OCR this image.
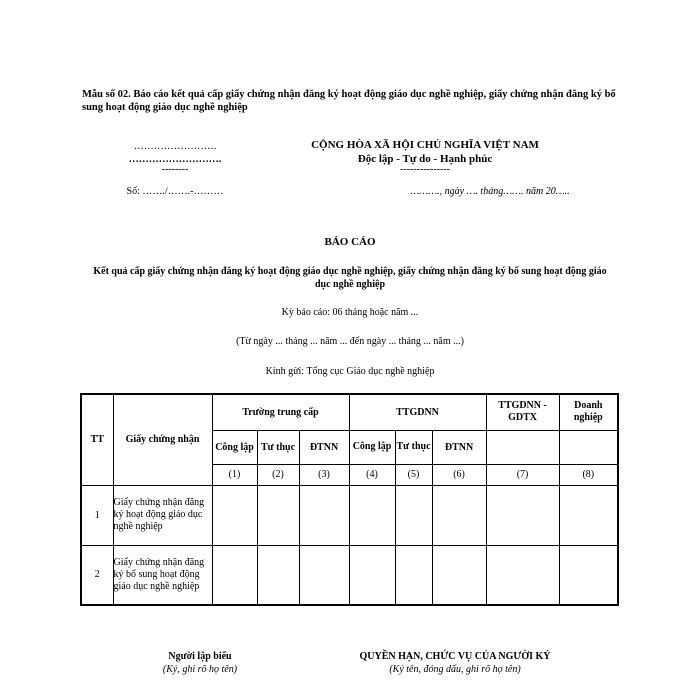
Mẫu số 02. Báo cáo kết quả cấp giấy chứng nhận đăng ký hoạt động giáo dục nghề nghiệp, giấy chứng nhận đăng ký bổ sung hoạt động giáo dục nghề nghiệp
…………………….
……………………….
--------
Số: ……./…….-………
CỘNG HÒA XÃ HỘI CHỦ NGHĨA VIỆT NAM
Độc lập - Tự do - Hạnh phúc
---------------
………., ngày …. tháng……. năm 20…..
BÁO CÁO
Kết quả cấp giấy chứng nhận đăng ký hoạt động giáo dục nghề nghiệp, giấy chứng nhận đăng ký bổ sung hoạt động giáo dục nghề nghiệp
Kỳ báo cáo: 06 tháng hoặc năm ...
(Từ ngày ... tháng ... năm ... đến ngày ... tháng ... năm ...)
Kính gửi: Tổng cục Giáo dục nghề nghiệp
TT	Giấy chứng nhận	Trường trung cấp			TTGDNN			TTGDNN - GDTX	Doanh nghiệp
		Công lập	Tư thục	ĐTNN	Công lập	Tư thục	ĐTNN		
		(1)	(2)	(3)	(4)	(5)	(6)	(7)	(8)
1	Giấy chứng nhận đăng ký hoạt động giáo dục nghề nghiệp								
2	Giấy chứng nhận đăng ký bổ sung hoạt động giáo dục nghề nghiệp								
Người lập biểu
(Ký, ghi rõ họ tên)
QUYỀN HẠN, CHỨC VỤ CỦA NGƯỜI KÝ
(Ký tên, đóng dấu, ghi rõ họ tên)
